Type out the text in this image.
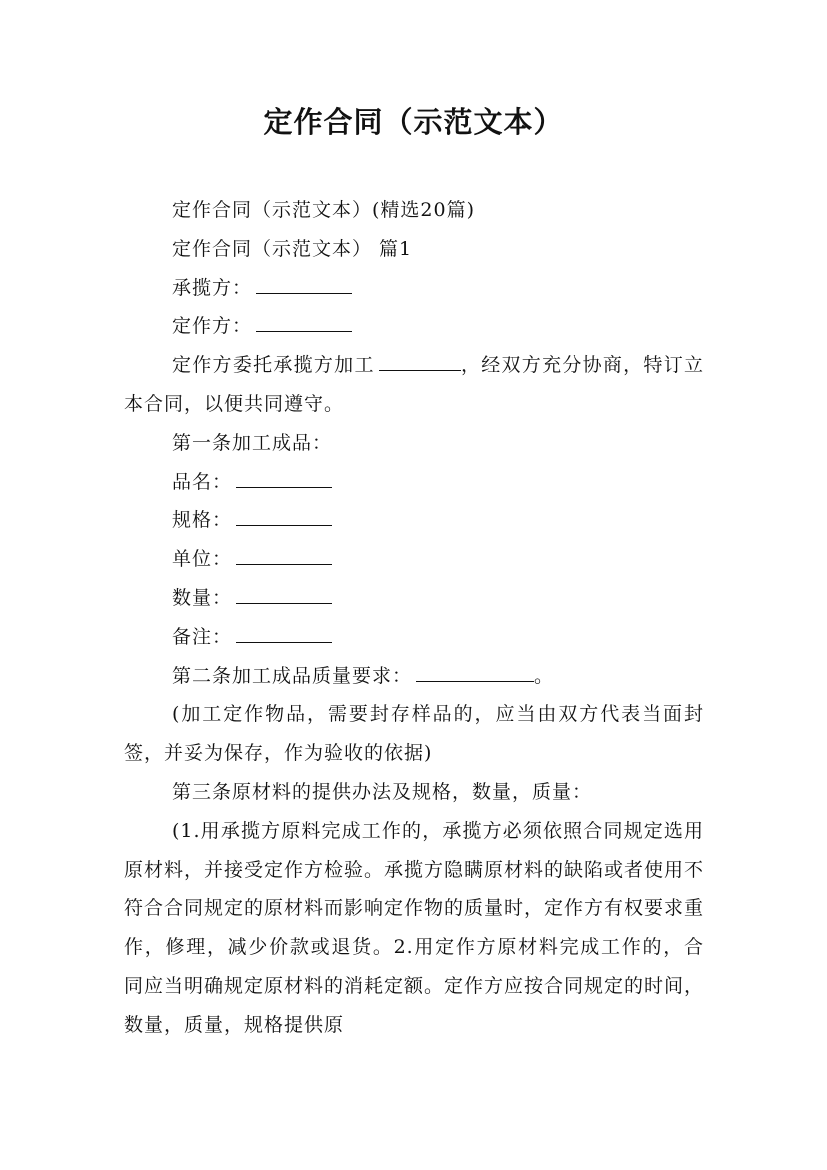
定作合同（示范文本）

定作合同（示范文本）(精选20篇)

定作合同（示范文本） 篇1

承揽方：

定作方：

定作方委托承揽方加工	，经双方充分协商，特订立本合同，以便共同遵守。

第一条加工成品：

品名：

规格：

单位：

数量：

备注：

第二条加工成品质量要求：	。

(加工定作物品，需要封存样品的，应当由双方代表当面封签，并妥为保存，作为验收的依据)

第三条原材料的提供办法及规格，数量，质量：

(1.用承揽方原料完成工作的，承揽方必须依照合同规定选用原材料，并接受定作方检验。承揽方隐瞒原材料的缺陷或者使用不符合合同规定的原材料而影响定作物的质量时，定作方有权要求重作，修理，减少价款或退货。2.用定作方原材料完成工作的，合同应当明确规定原材料的消耗定额。定作方应按合同规定的时间，数量，质量，规格提供原
